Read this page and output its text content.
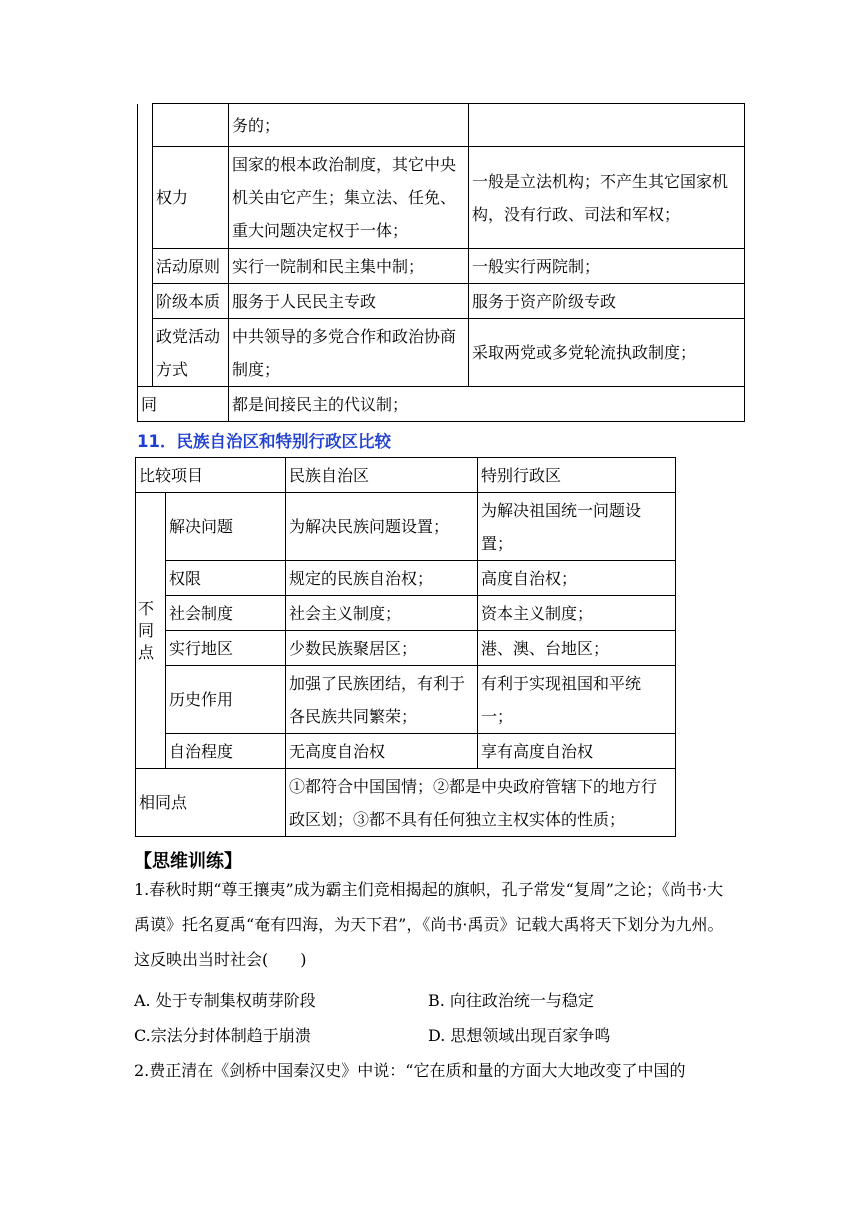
		务的；	
	权力	国家的根本政治制度，其它中央机关由它产生；集立法、任免、重大问题决定权于一体；	一般是立法机构；不产生其它国家机构，没有行政、司法和军权；
	活动原则	实行一院制和民主集中制；	一般实行两院制；
	阶级本质	服务于人民民主专政	服务于资产阶级专政
	政党活动方式	中共领导的多党合作和政治协商制度；	采取两党或多党轮流执政制度；
同		都是间接民主的代议制；	
11．民族自治区和特别行政区比较
比较项目		民族自治区	特别行政区
不同点	解决问题	为解决民族问题设置；	为解决祖国统一问题设置；
	权限	规定的民族自治权；	高度自治权；
	社会制度	社会主义制度；	资本主义制度；
	实行地区	少数民族聚居区；	港、澳、台地区；
	历史作用	加强了民族团结，有利于各民族共同繁荣；	有利于实现祖国和平统一；
	自治程度	无高度自治权	享有高度自治权
相同点		①都符合中国国情；②都是中央政府管辖下的地方行政区划；③都不具有任何独立主权实体的性质；	
【思维训练】
1.春秋时期“尊王攘夷”成为霸主们竞相揭起的旗帜，孔子常发“复周”之论；《尚书·大禹谟》托名夏禹“奄有四海，为天下君”，《尚书·禹贡》记载大禹将天下划分为九州。这反映出当时社会(　　)
A. 处于专制集权萌芽阶段	B. 向往政治统一与稳定
C.宗法分封体制趋于崩溃	D. 思想领域出现百家争鸣
2.费正清在《剑桥中国秦汉史》中说：“它在质和量的方面大大地改变了中国的
